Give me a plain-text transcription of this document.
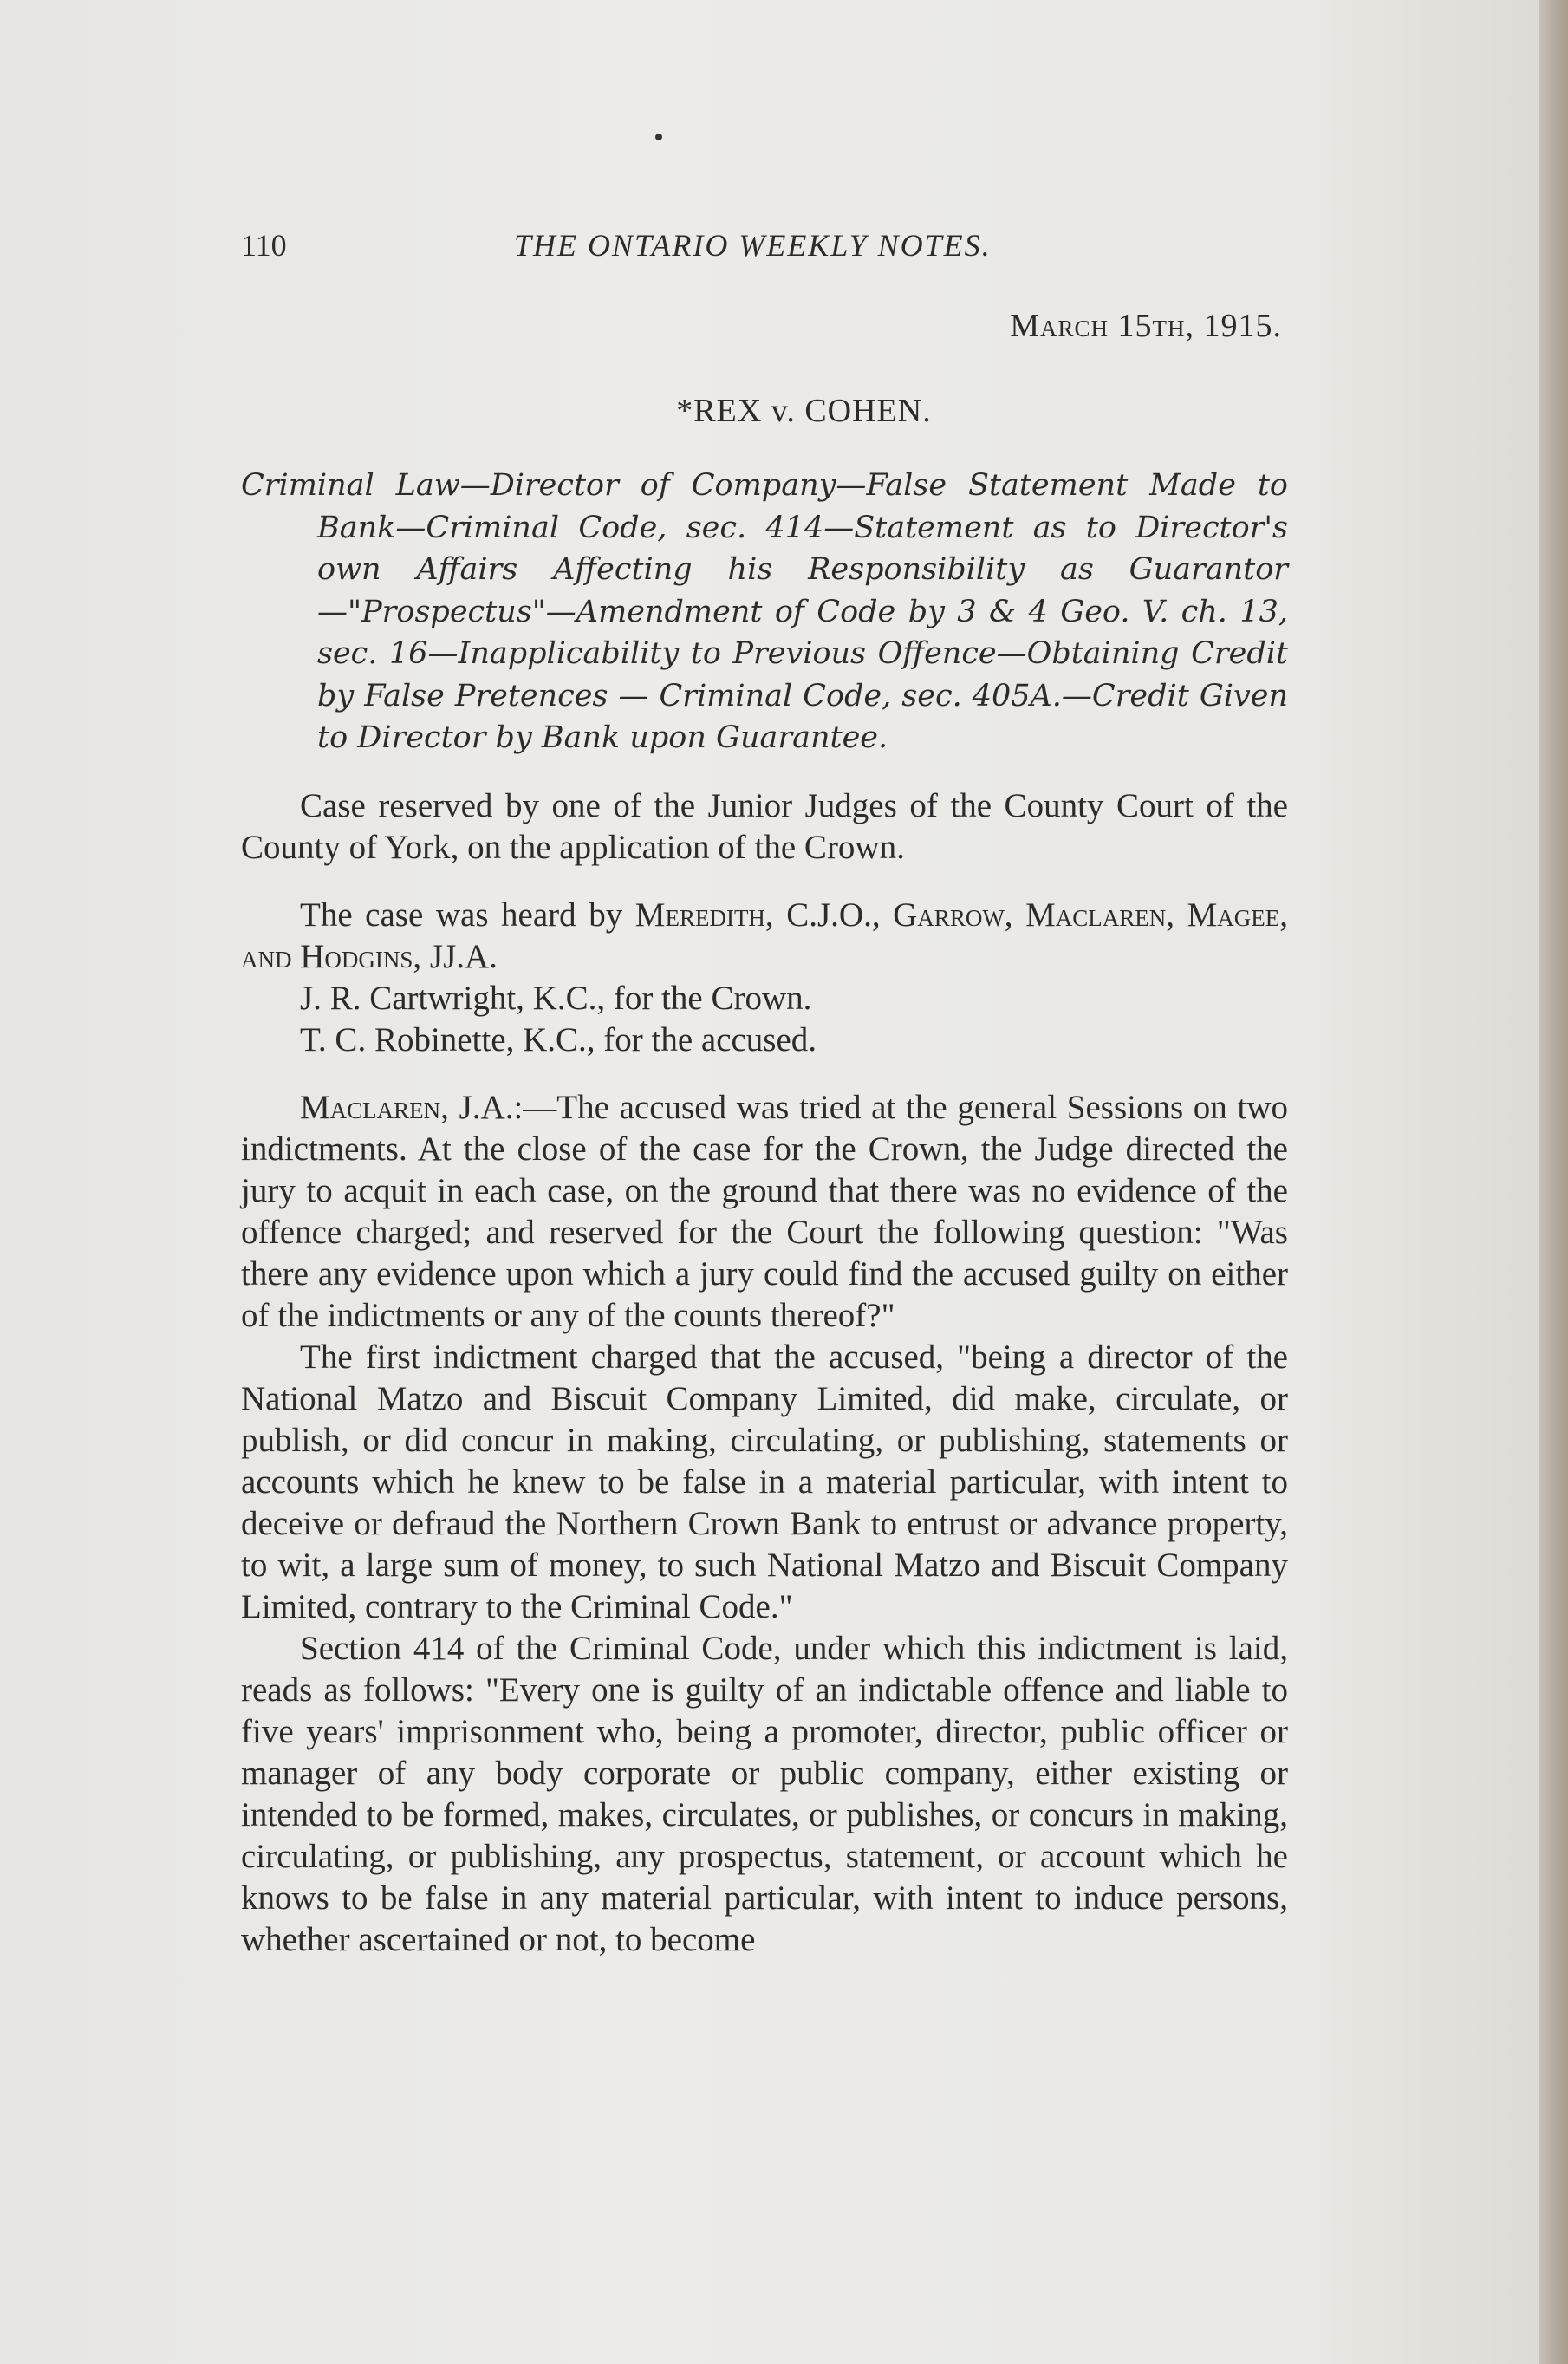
110	THE ONTARIO WEEKLY NOTES.
March 15th, 1915.
*REX v. COHEN.
Criminal Law—Director of Company—False Statement Made to Bank—Criminal Code, sec. 414—Statement as to Director's own Affairs Affecting his Responsibility as Guarantor—"Prospectus"—Amendment of Code by 3 & 4 Geo. V. ch. 13, sec. 16—Inapplicability to Previous Offence—Obtaining Credit by False Pretences — Criminal Code, sec. 405A.—Credit Given to Director by Bank upon Guarantee.

Case reserved by one of the Junior Judges of the County Court of the County of York, on the application of the Crown.

The case was heard by Meredith, C.J.O., Garrow, Maclaren, Magee, and Hodgins, JJ.A.

J. R. Cartwright, K.C., for the Crown.

T. C. Robinette, K.C., for the accused.

Maclaren, J.A.:—The accused was tried at the general Sessions on two indictments. At the close of the case for the Crown, the Judge directed the jury to acquit in each case, on the ground that there was no evidence of the offence charged; and reserved for the Court the following question: "Was there any evidence upon which a jury could find the accused guilty on either of the indictments or any of the counts thereof?"

The first indictment charged that the accused, "being a director of the National Matzo and Biscuit Company Limited, did make, circulate, or publish, or did concur in making, circulating, or publishing, statements or accounts which he knew to be false in a material particular, with intent to deceive or defraud the Northern Crown Bank to entrust or advance property, to wit, a large sum of money, to such National Matzo and Biscuit Company Limited, contrary to the Criminal Code."

Section 414 of the Criminal Code, under which this indictment is laid, reads as follows: "Every one is guilty of an indictable offence and liable to five years' imprisonment who, being a promoter, director, public officer or manager of any body corporate or public company, either existing or intended to be formed, makes, circulates, or publishes, or concurs in making, circulating, or publishing, any prospectus, statement, or account which he knows to be false in any material particular, with intent to induce persons, whether ascertained or not, to become
